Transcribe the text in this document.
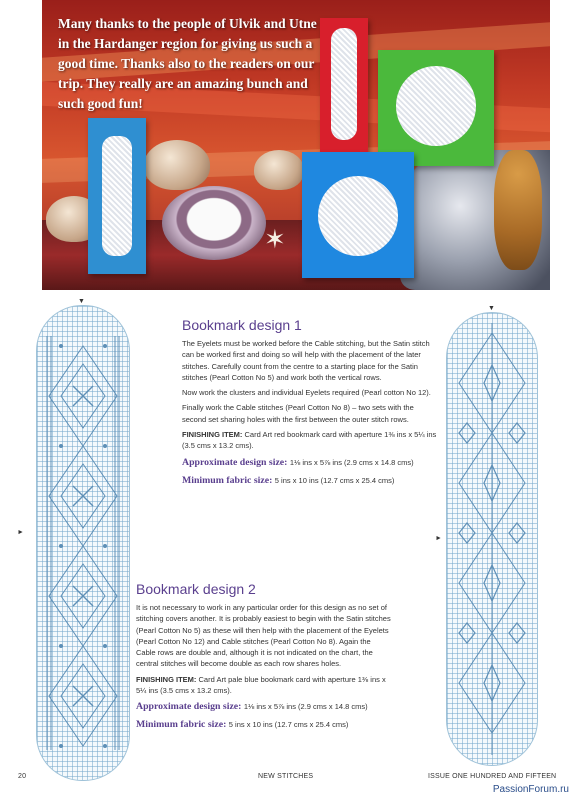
✶
Many thanks to the people of Ulvik and Utne in the Hardanger region for giving us such a good time. Thanks also to the readers on our trip. They really are an amazing bunch and such good fun!
▼
▼
▼
▼
Bookmark design 1

The Eyelets must be worked before the Cable stitching, but the Satin stitch can be worked first and doing so will help with the placement of the later stitches. Carefully count from the centre to a starting place for the Satin stitches (Pearl Cotton No 5) and work both the vertical rows.

Now work the clusters and individual Eyelets required (Pearl cotton No 12).

Finally work the Cable stitches (Pearl Cotton No 8) – two sets with the second set sharing holes with the first between the outer stitch rows.

FINISHING ITEM: Card Art red bookmark card with aperture 1⅜ ins x 5¼ ins (3.5 cms x 13.2 cms).

Approximate design size: 1⅛ ins x 5⅞ ins (2.9 cms x 14.8 cms)
Minimum fabric size: 5 ins x 10 ins (12.7 cms x 25.4 cms)
Bookmark design 2

It is not necessary to work in any particular order for this design as no set of stitching covers another. It is probably easiest to begin with the Satin stitches (Pearl Cotton No 5) as these will then help with the placement of the Eyelets (Pearl Cotton No 12) and Cable stitches (Pearl Cotton No 8). Again the Cable rows are double and, although it is not indicated on the chart, the central stitches will become double as each row shares holes.

FINISHING ITEM: Card Art pale blue bookmark card with aperture 1⅜ ins x 5¼ ins (3.5 cms x 13.2 cms).

Approximate design size: 1⅛ ins x 5⅞ ins (2.9 cms x 14.8 cms)
Minimum fabric size: 5 ins x 10 ins (12.7 cms x 25.4 cms)
20	NEW STITCHES	ISSUE ONE HUNDRED AND FIFTEEN
PassionForum.ru
